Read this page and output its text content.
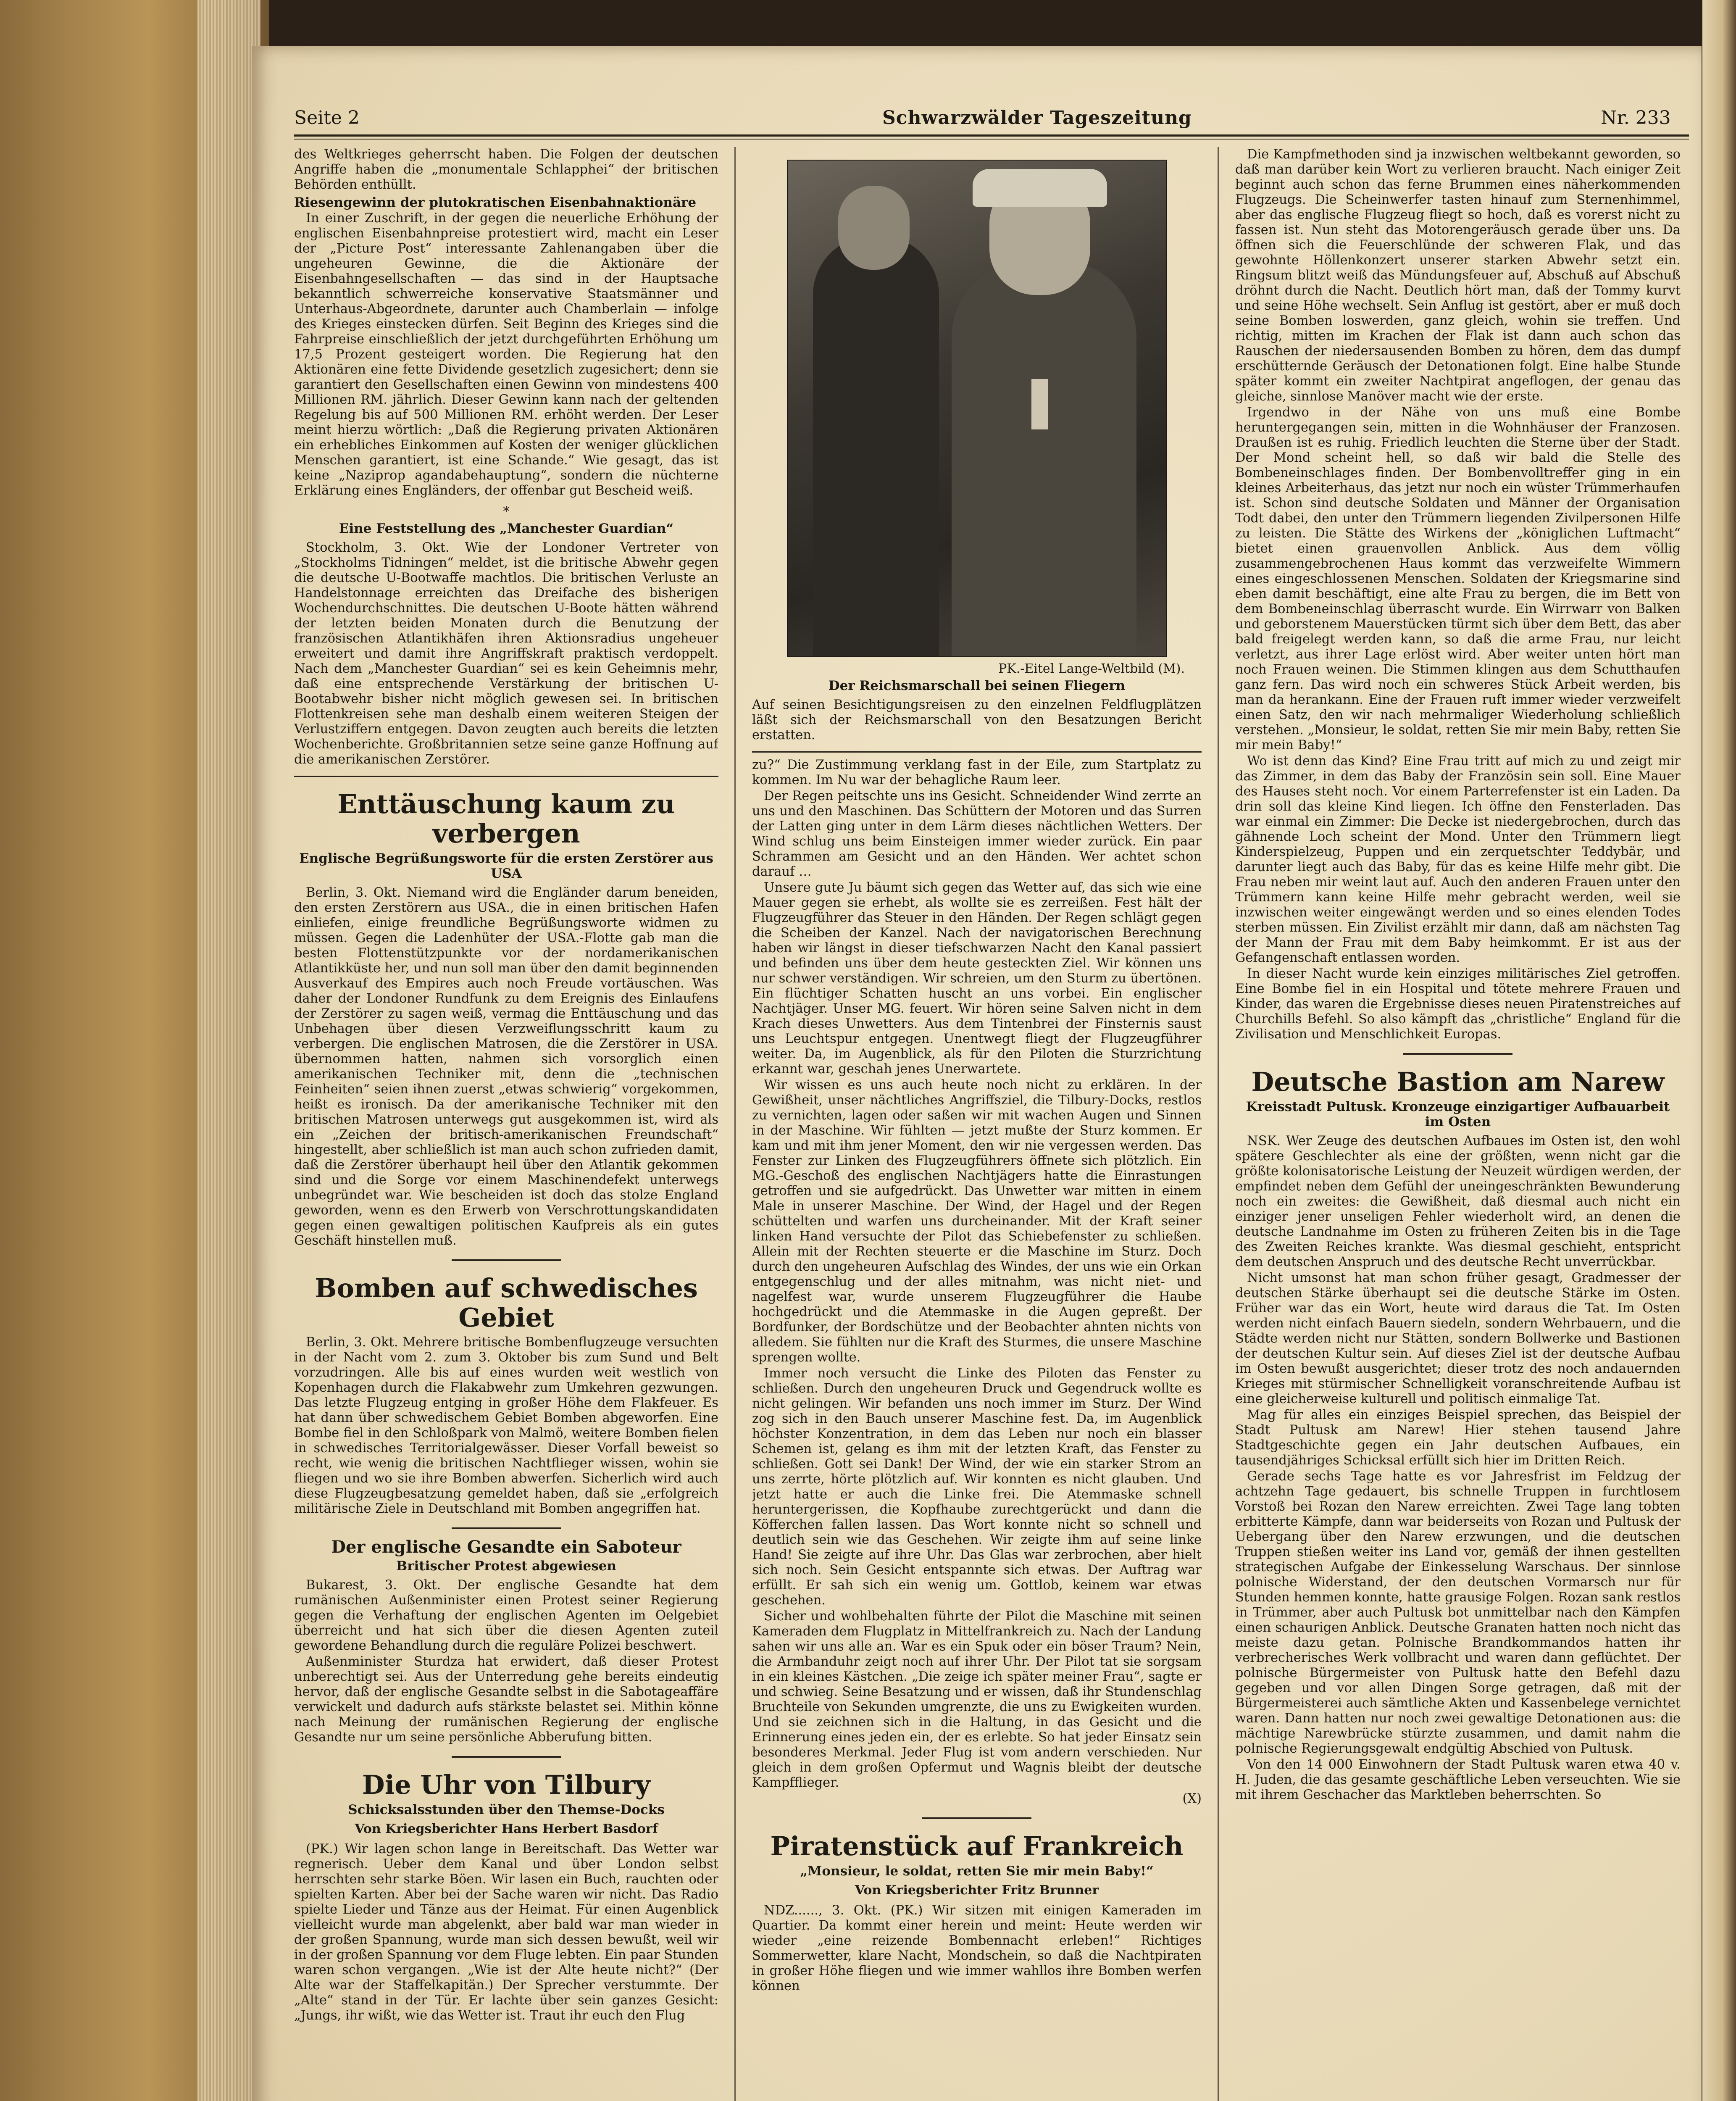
Seite 2	Schwarzwälder Tageszeitung	Nr. 233

des Weltkrieges geherrscht haben. Die Folgen der deutschen Angriffe haben die „monumentale Schlapphei“ der britischen Behörden enthüllt.

Riesengewinn der plutokratischen Eisenbahnaktionäre

In einer Zuschrift, in der gegen die neuerliche Erhöhung der englischen Eisenbahnpreise protestiert wird, macht ein Leser der „Picture Post“ interessante Zahlenangaben über die ungeheuren Gewinne, die die Aktionäre der Eisenbahngesellschaften — das sind in der Hauptsache bekanntlich schwerreiche konservative Staatsmänner und Unterhaus-Abgeordnete, darunter auch Chamberlain — infolge des Krieges einstecken dürfen. Seit Beginn des Krieges sind die Fahrpreise einschließlich der jetzt durchgeführten Erhöhung um 17,5 Prozent gesteigert worden. Die Regierung hat den Aktionären eine fette Dividende gesetzlich zugesichert; denn sie garantiert den Gesellschaften einen Gewinn von mindestens 400 Millionen RM. jährlich. Dieser Gewinn kann nach der geltenden Regelung bis auf 500 Millionen RM. erhöht werden. Der Leser meint hierzu wörtlich: „Daß die Regierung privaten Aktionären ein erhebliches Einkommen auf Kosten der weniger glücklichen Menschen garantiert, ist eine Schande.“ Wie gesagt, das ist keine „Naziprop agandabehauptung“, sondern die nüchterne Erklärung eines Engländers, der offenbar gut Bescheid weiß.

*
Eine Feststellung des „Manchester Guardian“

Stockholm, 3. Okt. Wie der Londoner Vertreter von „Stockholms Tidningen“ meldet, ist die britische Abwehr gegen die deutsche U-Bootwaffe machtlos. Die britischen Verluste an Handelstonnage erreichten das Dreifache des bisherigen Wochendurchschnittes. Die deutschen U-Boote hätten während der letzten beiden Monaten durch die Benutzung der französischen Atlantikhäfen ihren Aktionsradius ungeheuer erweitert und damit ihre Angriffskraft praktisch verdoppelt. Nach dem „Manchester Guardian“ sei es kein Geheimnis mehr, daß eine entsprechende Verstärkung der britischen U-Bootabwehr bisher nicht möglich gewesen sei. In britischen Flottenkreisen sehe man deshalb einem weiteren Steigen der Verlustziffern entgegen. Davon zeugten auch bereits die letzten Wochenberichte. Großbritannien setze seine ganze Hoffnung auf die amerikanischen Zerstörer.

Enttäuschung kaum zu verbergen
Englische Begrüßungsworte für die ersten Zerstörer aus USA

Berlin, 3. Okt. Niemand wird die Engländer darum beneiden, den ersten Zerstörern aus USA., die in einen britischen Hafen einliefen, einige freundliche Begrüßungsworte widmen zu müssen. Gegen die Ladenhüter der USA.-Flotte gab man die besten Flottenstützpunkte vor der nordamerikanischen Atlantikküste her, und nun soll man über den damit beginnenden Ausverkauf des Empires auch noch Freude vortäuschen. Was daher der Londoner Rundfunk zu dem Ereignis des Einlaufens der Zerstörer zu sagen weiß, vermag die Enttäuschung und das Unbehagen über diesen Verzweiflungsschritt kaum zu verbergen. Die englischen Matrosen, die die Zerstörer in USA. übernommen hatten, nahmen sich vorsorglich einen amerikanischen Techniker mit, denn die „technischen Feinheiten“ seien ihnen zuerst „etwas schwierig“ vorgekommen, heißt es ironisch. Da der amerikanische Techniker mit den britischen Matrosen unterwegs gut ausgekommen ist, wird als ein „Zeichen der britisch-amerikanischen Freundschaft“ hingestellt, aber schließlich ist man auch schon zufrieden damit, daß die Zerstörer überhaupt heil über den Atlantik gekommen sind und die Sorge vor einem Maschinendefekt unterwegs unbegründet war. Wie bescheiden ist doch das stolze England geworden, wenn es den Erwerb von Verschrottungskandidaten gegen einen gewaltigen politischen Kaufpreis als ein gutes Geschäft hinstellen muß.

Bomben auf schwedisches Gebiet

Berlin, 3. Okt. Mehrere britische Bombenflugzeuge versuchten in der Nacht vom 2. zum 3. Oktober bis zum Sund und Belt vorzudringen. Alle bis auf eines wurden weit westlich von Kopenhagen durch die Flakabwehr zum Umkehren gezwungen. Das letzte Flugzeug entging in großer Höhe dem Flakfeuer. Es hat dann über schwedischem Gebiet Bomben abgeworfen. Eine Bombe fiel in den Schloßpark von Malmö, weitere Bomben fielen in schwedisches Territorialgewässer. Dieser Vorfall beweist so recht, wie wenig die britischen Nachtflieger wissen, wohin sie fliegen und wo sie ihre Bomben abwerfen. Sicherlich wird auch diese Flugzeugbesatzung gemeldet haben, daß sie „erfolgreich militärische Ziele in Deutschland mit Bomben angegriffen hat.

Der englische Gesandte ein Saboteur
Britischer Protest abgewiesen

Bukarest, 3. Okt. Der englische Gesandte hat dem rumänischen Außenminister einen Protest seiner Regierung gegen die Verhaftung der englischen Agenten im Oelgebiet überreicht und hat sich über die diesen Agenten zuteil gewordene Behandlung durch die reguläre Polizei beschwert.

Außenminister Sturdza hat erwidert, daß dieser Protest unberechtigt sei. Aus der Unterredung gehe bereits eindeutig hervor, daß der englische Gesandte selbst in die Sabotageaffäre verwickelt und dadurch aufs stärkste belastet sei. Mithin könne nach Meinung der rumänischen Regierung der englische Gesandte nur um seine persönliche Abberufung bitten.

Die Uhr von Tilbury
Schicksalsstunden über den Themse-Docks
Von Kriegsberichter Hans Herbert Basdorf

(PK.) Wir lagen schon lange in Bereitschaft. Das Wetter war regnerisch. Ueber dem Kanal und über London selbst herrschten sehr starke Böen. Wir lasen ein Buch, rauchten oder spielten Karten. Aber bei der Sache waren wir nicht. Das Radio spielte Lieder und Tänze aus der Heimat. Für einen Augenblick vielleicht wurde man abgelenkt, aber bald war man wieder in der großen Spannung, wurde man sich dessen bewußt, weil wir in der großen Spannung vor dem Fluge lebten. Ein paar Stunden waren schon vergangen. „Wie ist der Alte heute nicht?“ (Der Alte war der Staffelkapitän.) Der Sprecher verstummte. Der „Alte“ stand in der Tür. Er lachte über sein ganzes Gesicht: „Jungs, ihr wißt, wie das Wetter ist. Traut ihr euch den Flug

PK.-Eitel Lange-Weltbild (M).
Der Reichsmarschall bei seinen Fliegern

Auf seinen Besichtigungsreisen zu den einzelnen Feldflugplätzen läßt sich der Reichsmarschall von den Besatzungen Bericht erstatten.

zu?“ Die Zustimmung verklang fast in der Eile, zum Startplatz zu kommen. Im Nu war der behagliche Raum leer.

Der Regen peitschte uns ins Gesicht. Schneidender Wind zerrte an uns und den Maschinen. Das Schüttern der Motoren und das Surren der Latten ging unter in dem Lärm dieses nächtlichen Wetters. Der Wind schlug uns beim Einsteigen immer wieder zurück. Ein paar Schrammen am Gesicht und an den Händen. Wer achtet schon darauf …

Unsere gute Ju bäumt sich gegen das Wetter auf, das sich wie eine Mauer gegen sie erhebt, als wollte sie es zerreißen. Fest hält der Flugzeugführer das Steuer in den Händen. Der Regen schlägt gegen die Scheiben der Kanzel. Nach der navigatorischen Berechnung haben wir längst in dieser tiefschwarzen Nacht den Kanal passiert und befinden uns über dem heute gesteckten Ziel. Wir können uns nur schwer verständigen. Wir schreien, um den Sturm zu übertönen. Ein flüchtiger Schatten huscht an uns vorbei. Ein englischer Nachtjäger. Unser MG. feuert. Wir hören seine Salven nicht in dem Krach dieses Unwetters. Aus dem Tintenbrei der Finsternis saust uns Leuchtspur entgegen. Unentwegt fliegt der Flugzeugführer weiter. Da, im Augenblick, als für den Piloten die Sturzrichtung erkannt war, geschah jenes Unerwartete.

Wir wissen es uns auch heute noch nicht zu erklären. In der Gewißheit, unser nächtliches Angriffsziel, die Tilbury-Docks, restlos zu vernichten, lagen oder saßen wir mit wachen Augen und Sinnen in der Maschine. Wir fühlten — jetzt mußte der Sturz kommen. Er kam und mit ihm jener Moment, den wir nie vergessen werden. Das Fenster zur Linken des Flugzeugführers öffnete sich plötzlich. Ein MG.-Geschoß des englischen Nachtjägers hatte die Einrastungen getroffen und sie aufgedrückt. Das Unwetter war mitten in einem Male in unserer Maschine. Der Wind, der Hagel und der Regen schüttelten und warfen uns durcheinander. Mit der Kraft seiner linken Hand versuchte der Pilot das Schiebefenster zu schließen. Allein mit der Rechten steuerte er die Maschine im Sturz. Doch durch den ungeheuren Aufschlag des Windes, der uns wie ein Orkan entgegenschlug und der alles mitnahm, was nicht niet- und nagelfest war, wurde unserem Flugzeugführer die Haube hochgedrückt und die Atemmaske in die Augen gepreßt. Der Bordfunker, der Bordschütze und der Beobachter ahnten nichts von alledem. Sie fühlten nur die Kraft des Sturmes, die unsere Maschine sprengen wollte.

Immer noch versucht die Linke des Piloten das Fenster zu schließen. Durch den ungeheuren Druck und Gegendruck wollte es nicht gelingen. Wir befanden uns noch immer im Sturz. Der Wind zog sich in den Bauch unserer Maschine fest. Da, im Augenblick höchster Konzentration, in dem das Leben nur noch ein blasser Schemen ist, gelang es ihm mit der letzten Kraft, das Fenster zu schließen. Gott sei Dank! Der Wind, der wie ein starker Strom an uns zerrte, hörte plötzlich auf. Wir konnten es nicht glauben. Und jetzt hatte er auch die Linke frei. Die Atemmaske schnell heruntergerissen, die Kopfhaube zurechtgerückt und dann die Köfferchen fallen lassen. Das Wort konnte nicht so schnell und deutlich sein wie das Geschehen. Wir zeigte ihm auf seine linke Hand! Sie zeigte auf ihre Uhr. Das Glas war zerbrochen, aber hielt sich noch. Sein Gesicht entspannte sich etwas. Der Auftrag war erfüllt. Er sah sich ein wenig um. Gottlob, keinem war etwas geschehen.

Sicher und wohlbehalten führte der Pilot die Maschine mit seinen Kameraden dem Flugplatz in Mittelfrankreich zu. Nach der Landung sahen wir uns alle an. War es ein Spuk oder ein böser Traum? Nein, die Armbanduhr zeigt noch auf ihrer Uhr. Der Pilot tat sie sorgsam in ein kleines Kästchen. „Die zeige ich später meiner Frau“, sagte er und schwieg. Seine Besatzung und er wissen, daß ihr Stundenschlag Bruchteile von Sekunden umgrenzte, die uns zu Ewigkeiten wurden. Und sie zeichnen sich in die Haltung, in das Gesicht und die Erinnerung eines jeden ein, der es erlebte. So hat jeder Einsatz sein besonderes Merkmal. Jeder Flug ist vom andern verschieden. Nur gleich in dem großen Opfermut und Wagnis bleibt der deutsche Kampfflieger.

(X)
Piratenstück auf Frankreich
„Monsieur, le soldat, retten Sie mir mein Baby!“
Von Kriegsberichter Fritz Brunner

NDZ......, 3. Okt. (PK.) Wir sitzen mit einigen Kameraden im Quartier. Da kommt einer herein und meint: Heute werden wir wieder „eine reizende Bombennacht erleben!“ Richtiges Sommerwetter, klare Nacht, Mondschein, so daß die Nachtpiraten in großer Höhe fliegen und wie immer wahllos ihre Bomben werfen können

Die Kampfmethoden sind ja inzwischen weltbekannt geworden, so daß man darüber kein Wort zu verlieren braucht. Nach einiger Zeit beginnt auch schon das ferne Brummen eines näherkommenden Flugzeugs. Die Scheinwerfer tasten hinauf zum Sternenhimmel, aber das englische Flugzeug fliegt so hoch, daß es vorerst nicht zu fassen ist. Nun steht das Motorengeräusch gerade über uns. Da öffnen sich die Feuerschlünde der schweren Flak, und das gewohnte Höllenkonzert unserer starken Abwehr setzt ein. Ringsum blitzt weiß das Mündungsfeuer auf, Abschuß auf Abschuß dröhnt durch die Nacht. Deutlich hört man, daß der Tommy kurvt und seine Höhe wechselt. Sein Anflug ist gestört, aber er muß doch seine Bomben loswerden, ganz gleich, wohin sie treffen. Und richtig, mitten im Krachen der Flak ist dann auch schon das Rauschen der niedersausenden Bomben zu hören, dem das dumpf erschütternde Geräusch der Detonationen folgt. Eine halbe Stunde später kommt ein zweiter Nachtpirat angeflogen, der genau das gleiche, sinnlose Manöver macht wie der erste.

Irgendwo in der Nähe von uns muß eine Bombe heruntergegangen sein, mitten in die Wohnhäuser der Franzosen. Draußen ist es ruhig. Friedlich leuchten die Sterne über der Stadt. Der Mond scheint hell, so daß wir bald die Stelle des Bombeneinschlages finden. Der Bombenvolltreffer ging in ein kleines Arbeiterhaus, das jetzt nur noch ein wüster Trümmerhaufen ist. Schon sind deutsche Soldaten und Männer der Organisation Todt dabei, den unter den Trümmern liegenden Zivilpersonen Hilfe zu leisten. Die Stätte des Wirkens der „königlichen Luftmacht“ bietet einen grauenvollen Anblick. Aus dem völlig zusammengebrochenen Haus kommt das verzweifelte Wimmern eines eingeschlossenen Menschen. Soldaten der Kriegsmarine sind eben damit beschäftigt, eine alte Frau zu bergen, die im Bett von dem Bombeneinschlag überrascht wurde. Ein Wirrwarr von Balken und geborstenem Mauerstücken türmt sich über dem Bett, das aber bald freigelegt werden kann, so daß die arme Frau, nur leicht verletzt, aus ihrer Lage erlöst wird. Aber weiter unten hört man noch Frauen weinen. Die Stimmen klingen aus dem Schutthaufen ganz fern. Das wird noch ein schweres Stück Arbeit werden, bis man da herankann. Eine der Frauen ruft immer wieder verzweifelt einen Satz, den wir nach mehrmaliger Wiederholung schließlich verstehen. „Monsieur, le soldat, retten Sie mir mein Baby, retten Sie mir mein Baby!“

Wo ist denn das Kind? Eine Frau tritt auf mich zu und zeigt mir das Zimmer, in dem das Baby der Französin sein soll. Eine Mauer des Hauses steht noch. Vor einem Parterrefenster ist ein Laden. Da drin soll das kleine Kind liegen. Ich öffne den Fensterladen. Das war einmal ein Zimmer: Die Decke ist niedergebrochen, durch das gähnende Loch scheint der Mond. Unter den Trümmern liegt Kinderspielzeug, Puppen und ein zerquetschter Teddybär, und darunter liegt auch das Baby, für das es keine Hilfe mehr gibt. Die Frau neben mir weint laut auf. Auch den anderen Frauen unter den Trümmern kann keine Hilfe mehr gebracht werden, weil sie inzwischen weiter eingewängt werden und so eines elenden Todes sterben müssen. Ein Zivilist erzählt mir dann, daß am nächsten Tag der Mann der Frau mit dem Baby heimkommt. Er ist aus der Gefangenschaft entlassen worden.

In dieser Nacht wurde kein einziges militärisches Ziel getroffen. Eine Bombe fiel in ein Hospital und tötete mehrere Frauen und Kinder, das waren die Ergebnisse dieses neuen Piratenstreiches auf Churchills Befehl. So also kämpft das „christliche“ England für die Zivilisation und Menschlichkeit Europas.

Deutsche Bastion am Narew
Kreisstadt Pultusk. Kronzeuge einzigartiger Aufbauarbeit im Osten

NSK. Wer Zeuge des deutschen Aufbaues im Osten ist, den wohl spätere Geschlechter als eine der größten, wenn nicht gar die größte kolonisatorische Leistung der Neuzeit würdigen werden, der empfindet neben dem Gefühl der uneingeschränkten Bewunderung noch ein zweites: die Gewißheit, daß diesmal auch nicht ein einziger jener unseligen Fehler wiederholt wird, an denen die deutsche Landnahme im Osten zu früheren Zeiten bis in die Tage des Zweiten Reiches krankte. Was diesmal geschieht, entspricht dem deutschen Anspruch und des deutsche Recht unverrückbar.

Nicht umsonst hat man schon früher gesagt, Gradmesser der deutschen Stärke überhaupt sei die deutsche Stärke im Osten. Früher war das ein Wort, heute wird daraus die Tat. Im Osten werden nicht einfach Bauern siedeln, sondern Wehrbauern, und die Städte werden nicht nur Stätten, sondern Bollwerke und Bastionen der deutschen Kultur sein. Auf dieses Ziel ist der deutsche Aufbau im Osten bewußt ausgerichtet; dieser trotz des noch andauernden Krieges mit stürmischer Schnelligkeit voranschreitende Aufbau ist eine gleicherweise kulturell und politisch einmalige Tat.

Mag für alles ein einziges Beispiel sprechen, das Beispiel der Stadt Pultusk am Narew! Hier stehen tausend Jahre Stadtgeschichte gegen ein Jahr deutschen Aufbaues, ein tausendjähriges Schicksal erfüllt sich hier im Dritten Reich.

Gerade sechs Tage hatte es vor Jahresfrist im Feldzug der achtzehn Tage gedauert, bis schnelle Truppen in furchtlosem Vorstoß bei Rozan den Narew erreichten. Zwei Tage lang tobten erbitterte Kämpfe, dann war beiderseits von Rozan und Pultusk der Uebergang über den Narew erzwungen, und die deutschen Truppen stießen weiter ins Land vor, gemäß der ihnen gestellten strategischen Aufgabe der Einkesselung Warschaus. Der sinnlose polnische Widerstand, der den deutschen Vormarsch nur für Stunden hemmen konnte, hatte grausige Folgen. Rozan sank restlos in Trümmer, aber auch Pultusk bot unmittelbar nach den Kämpfen einen schaurigen Anblick. Deutsche Granaten hatten noch nicht das meiste dazu getan. Polnische Brandkommandos hatten ihr verbrecherisches Werk vollbracht und waren dann geflüchtet. Der polnische Bürgermeister von Pultusk hatte den Befehl dazu gegeben und vor allen Dingen Sorge getragen, daß mit der Bürgermeisterei auch sämtliche Akten und Kassenbelege vernichtet waren. Dann hatten nur noch zwei gewaltige Detonationen aus: die mächtige Narewbrücke stürzte zusammen, und damit nahm die polnische Regierungsgewalt endgültig Abschied von Pultusk.

Von den 14 000 Einwohnern der Stadt Pultusk waren etwa 40 v. H. Juden, die das gesamte geschäftliche Leben verseuchten. Wie sie mit ihrem Geschacher das Marktleben beherrschten. So
